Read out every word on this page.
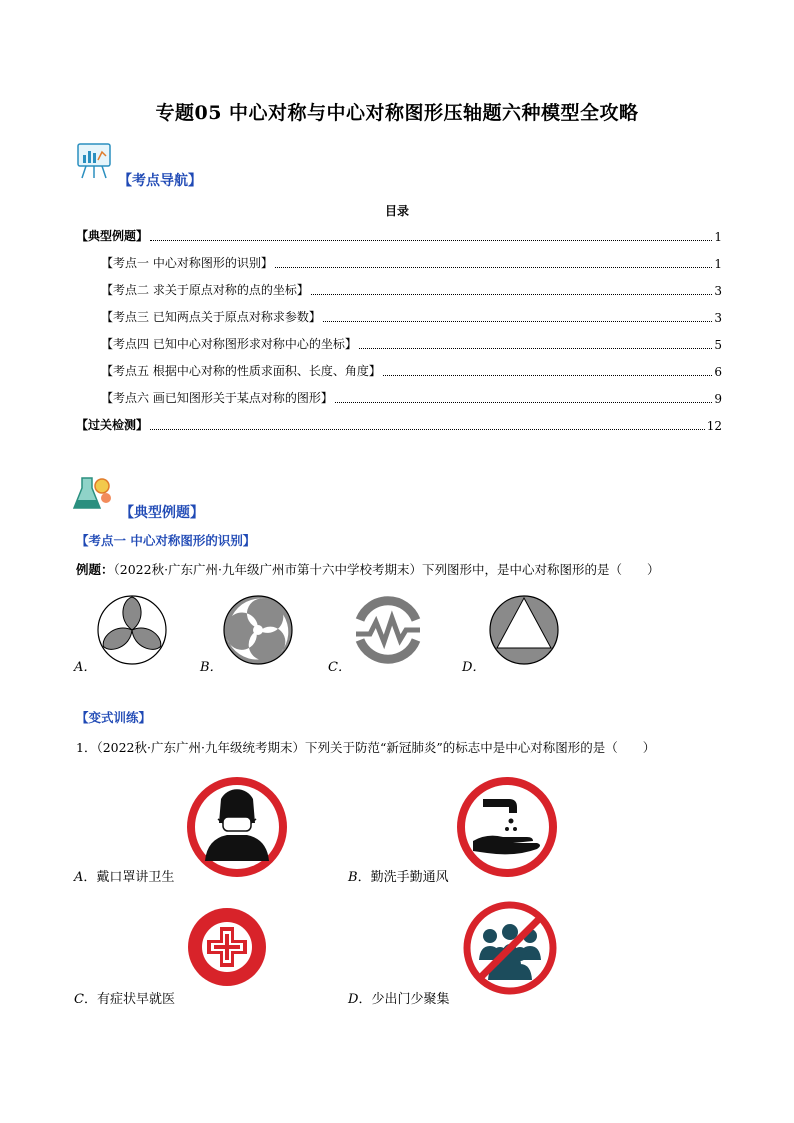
专题05 中心对称与中心对称图形压轴题六种模型全攻略
【考点导航】
目录
【典型例题】	1
【考点一 中心对称图形的识别】	1
【考点二 求关于原点对称的点的坐标】	3
【考点三 已知两点关于原点对称求参数】	3
【考点四 已知中心对称图形求对称中心的坐标】	5
【考点五 根据中心对称的性质求面积、长度、角度】	6
【考点六 画已知图形关于某点对称的图形】	9
【过关检测】	12
【典型例题】
【考点一 中心对称图形的识别】
例题：（2022秋·广东广州·九年级广州市第十六中学校考期末）下列图形中，是中心对称图形的是（　　）
A．	B．	C．	D．
【变式训练】
1．（2022秋·广东广州·九年级统考期末）下列关于防范“新冠肺炎”的标志中是中心对称图形的是（　　）
A．戴口罩讲卫生	B．勤洗手勤通风
C．有症状早就医	D．少出门少聚集
